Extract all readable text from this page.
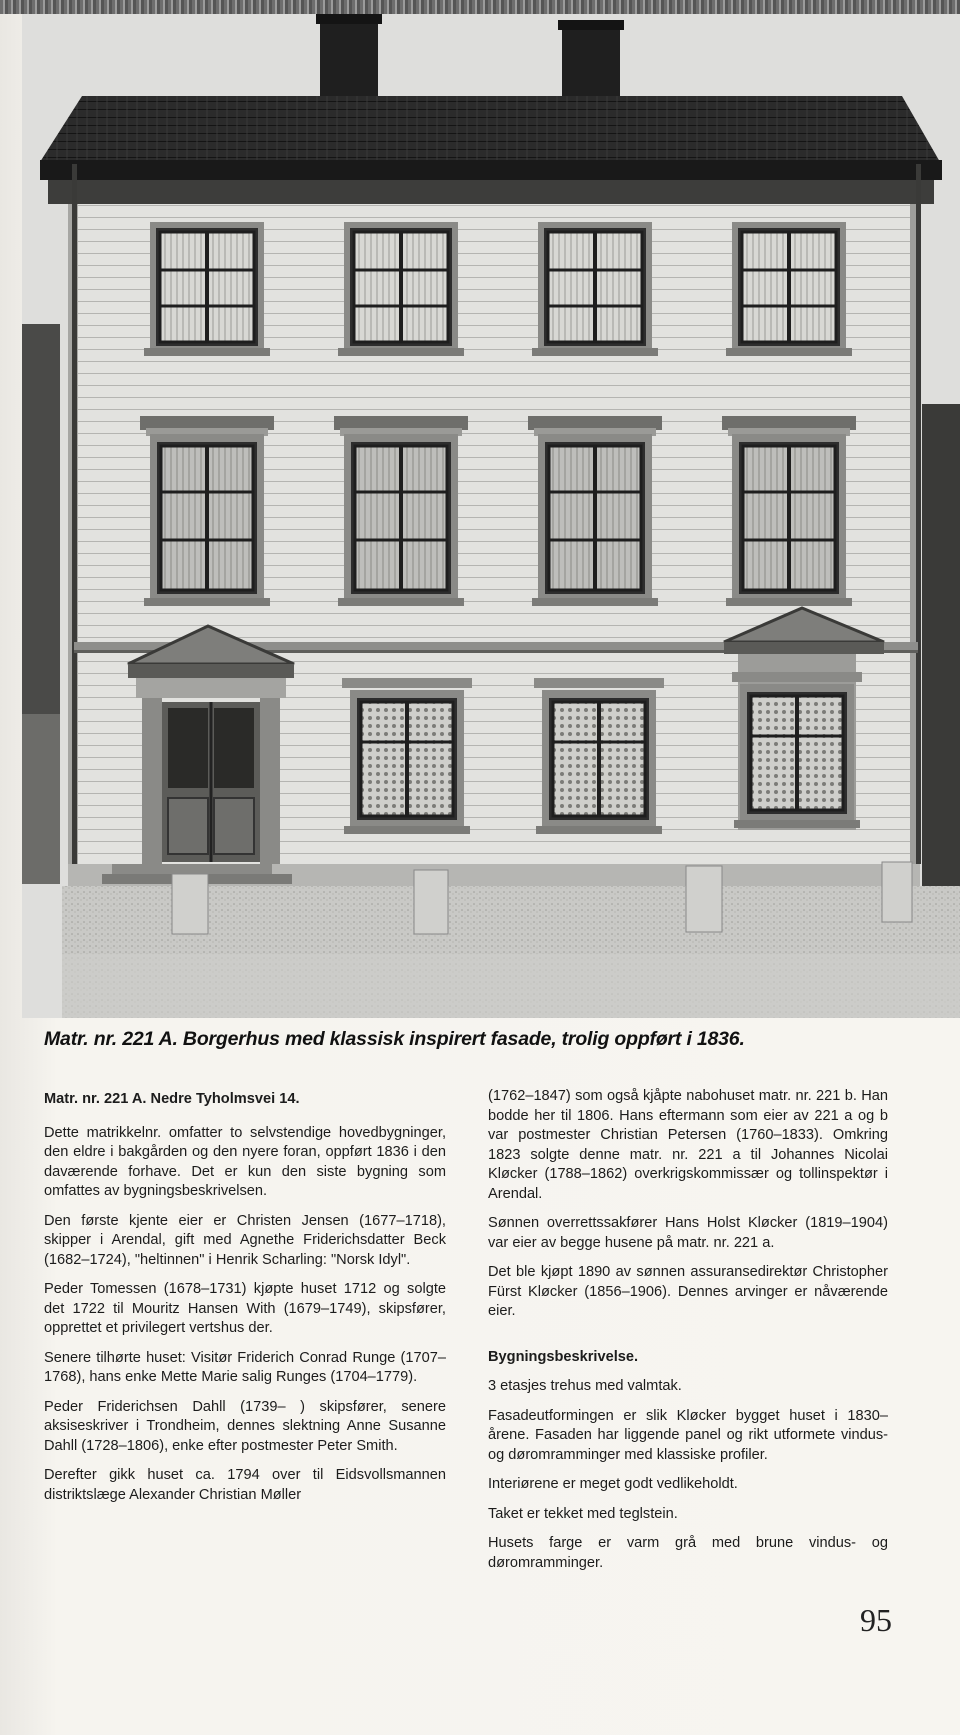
Matr. nr. 221 A. Borgerhus med klassisk inspirert fasade, trolig oppført i 1836.

Matr. nr. 221 A. Nedre Tyholmsvei 14.

Dette matrikkelnr. omfatter to selvstendige hovedbygninger, den eldre i bakgården og den nyere foran, oppført 1836 i den daværende forhave. Det er kun den siste bygning som omfattes av bygningsbeskrivelsen.

Den første kjente eier er Christen Jensen (1677–1718), skipper i Arendal, gift med Agnethe Friderichsdatter Beck (1682–1724), "heltinnen" i Henrik Scharling: "Norsk Idyl".

Peder Tomessen (1678–1731) kjøpte huset 1712 og solgte det 1722 til Mouritz Hansen With (1679–1749), skipsfører, opprettet et privilegert vertshus der.

Senere tilhørte huset: Visitør Friderich Conrad Runge (1707–1768), hans enke Mette Marie salig Runges (1704–1779).

Peder Friderichsen Dahll (1739– ) skipsfører, senere aksiseskriver i Trondheim, dennes slektning Anne Susanne Dahll (1728–1806), enke efter postmester Peter Smith.

Derefter gikk huset ca. 1794 over til Eidsvollsmannen distriktslæge Alexander Christian Møller

(1762–1847) som også kjåpte nabohuset matr. nr. 221 b. Han bodde her til 1806. Hans eftermann som eier av 221 a og b var postmester Christian Petersen (1760–1833). Omkring 1823 solgte denne matr. nr. 221 a til Johannes Nicolai Kløcker (1788–1862) overkrigskommissær og tollinspektør i Arendal.

Sønnen overrettssakfører Hans Holst Kløcker (1819–1904) var eier av begge husene på matr. nr. 221 a.

Det ble kjøpt 1890 av sønnen assuransedirektør Christopher Fürst Kløcker (1856–1906). Dennes arvinger er nåværende eier.

Bygningsbeskrivelse.

3 etasjes trehus med valmtak.

Fasadeutformingen er slik Kløcker bygget huset i 1830–årene. Fasaden har liggende panel og rikt utformete vindus- og døromramminger med klassiske profiler.

Interiørene er meget godt vedlikeholdt.

Taket er tekket med teglstein.

Husets farge er varm grå med brune vindus- og døromramminger.

95
